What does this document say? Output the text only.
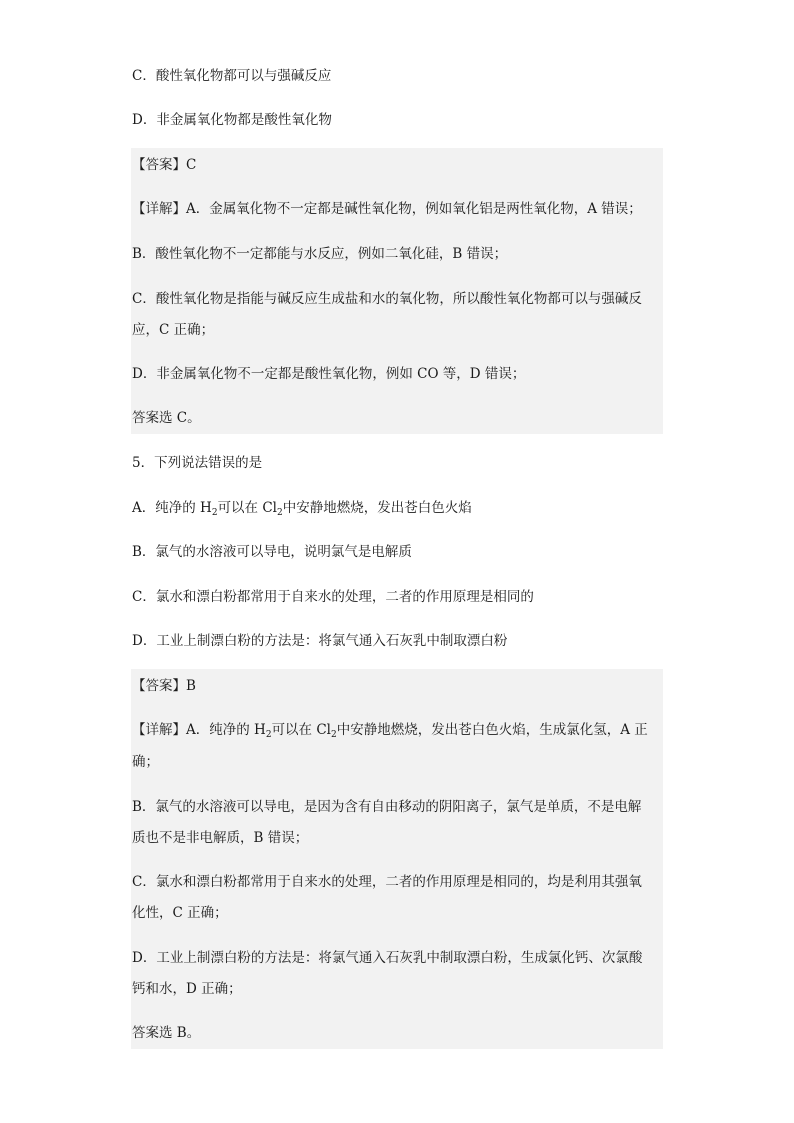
C．酸性氧化物都可以与强碱反应
D．非金属氧化物都是酸性氧化物
【答案】C
【详解】A．金属氧化物不一定都是碱性氧化物，例如氧化铝是两性氧化物，A 错误；
B．酸性氧化物不一定都能与水反应，例如二氧化硅，B 错误；
C．酸性氧化物是指能与碱反应生成盐和水的氧化物，所以酸性氧化物都可以与强碱反
应，C 正确；
D．非金属氧化物不一定都是酸性氧化物，例如 CO 等，D 错误；
答案选 C。
5．下列说法错误的是
A．纯净的 $H_2$可以在 $Cl_2$中安静地燃烧，发出苍白色火焰
B．氯气的水溶液可以导电，说明氯气是电解质
C．氯水和漂白粉都常用于自来水的处理，二者的作用原理是相同的
D．工业上制漂白粉的方法是：将氯气通入石灰乳中制取漂白粉
【答案】B
【详解】A．纯净的 $H_2$可以在 $Cl_2$中安静地燃烧，发出苍白色火焰，生成氯化氢，A 正
确；
B．氯气的水溶液可以导电，是因为含有自由移动的阴阳离子，氯气是单质，不是电解
质也不是非电解质，B 错误；
C．氯水和漂白粉都常用于自来水的处理，二者的作用原理是相同的，均是利用其强氧
化性，C 正确；
D．工业上制漂白粉的方法是：将氯气通入石灰乳中制取漂白粉，生成氯化钙、次氯酸
钙和水，D 正确；
答案选 B。
